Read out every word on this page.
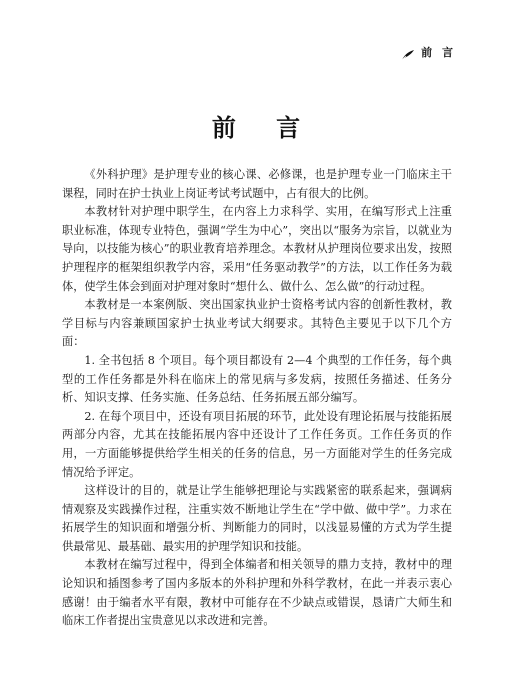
前 言
前 言

《外科护理》是护理专业的核心课、必修课，也是护理专业一门临床主干课程，同时在护士执业上岗证考试考试题中，占有很大的比例。

本教材针对护理中职学生，在内容上力求科学、实用，在编写形式上注重职业标准，体现专业特色，强调“学生为中心”，突出以“服务为宗旨，以就业为导向，以技能为核心”的职业教育培养理念。本教材从护理岗位要求出发，按照护理程序的框架组织教学内容，采用“任务驱动教学”的方法，以工作任务为载体，使学生体会到面对护理对象时“想什么、做什么、怎么做”的行动过程。

本教材是一本案例版、突出国家执业护士资格考试内容的创新性教材，教学目标与内容兼顾国家护士执业考试大纲要求。其特色主要见于以下几个方面：

1. 全书包括 8 个项目。每个项目都设有 2—4 个典型的工作任务，每个典型的工作任务都是外科在临床上的常见病与多发病，按照任务描述、任务分析、知识支撑、任务实施、任务总结、任务拓展五部分编写。

2. 在每个项目中，还设有项目拓展的环节，此处设有理论拓展与技能拓展两部分内容，尤其在技能拓展内容中还设计了工作任务页。工作任务页的作用，一方面能够提供给学生相关的任务的信息，另一方面能对学生的任务完成情况给予评定。

这样设计的目的，就是让学生能够把理论与实践紧密的联系起来，强调病情观察及实践操作过程，注重实效不断地让学生在“学中做、做中学”。力求在拓展学生的知识面和增强分析、判断能力的同时，以浅显易懂的方式为学生提供最常见、最基础、最实用的护理学知识和技能。

本教材在编写过程中，得到全体编者和相关领导的鼎力支持，教材中的理论知识和插图参考了国内多版本的外科护理和外科学教材，在此一并表示衷心感谢！由于编者水平有限，教材中可能存在不少缺点或错误，恳请广大师生和临床工作者提出宝贵意见以求改进和完善。
